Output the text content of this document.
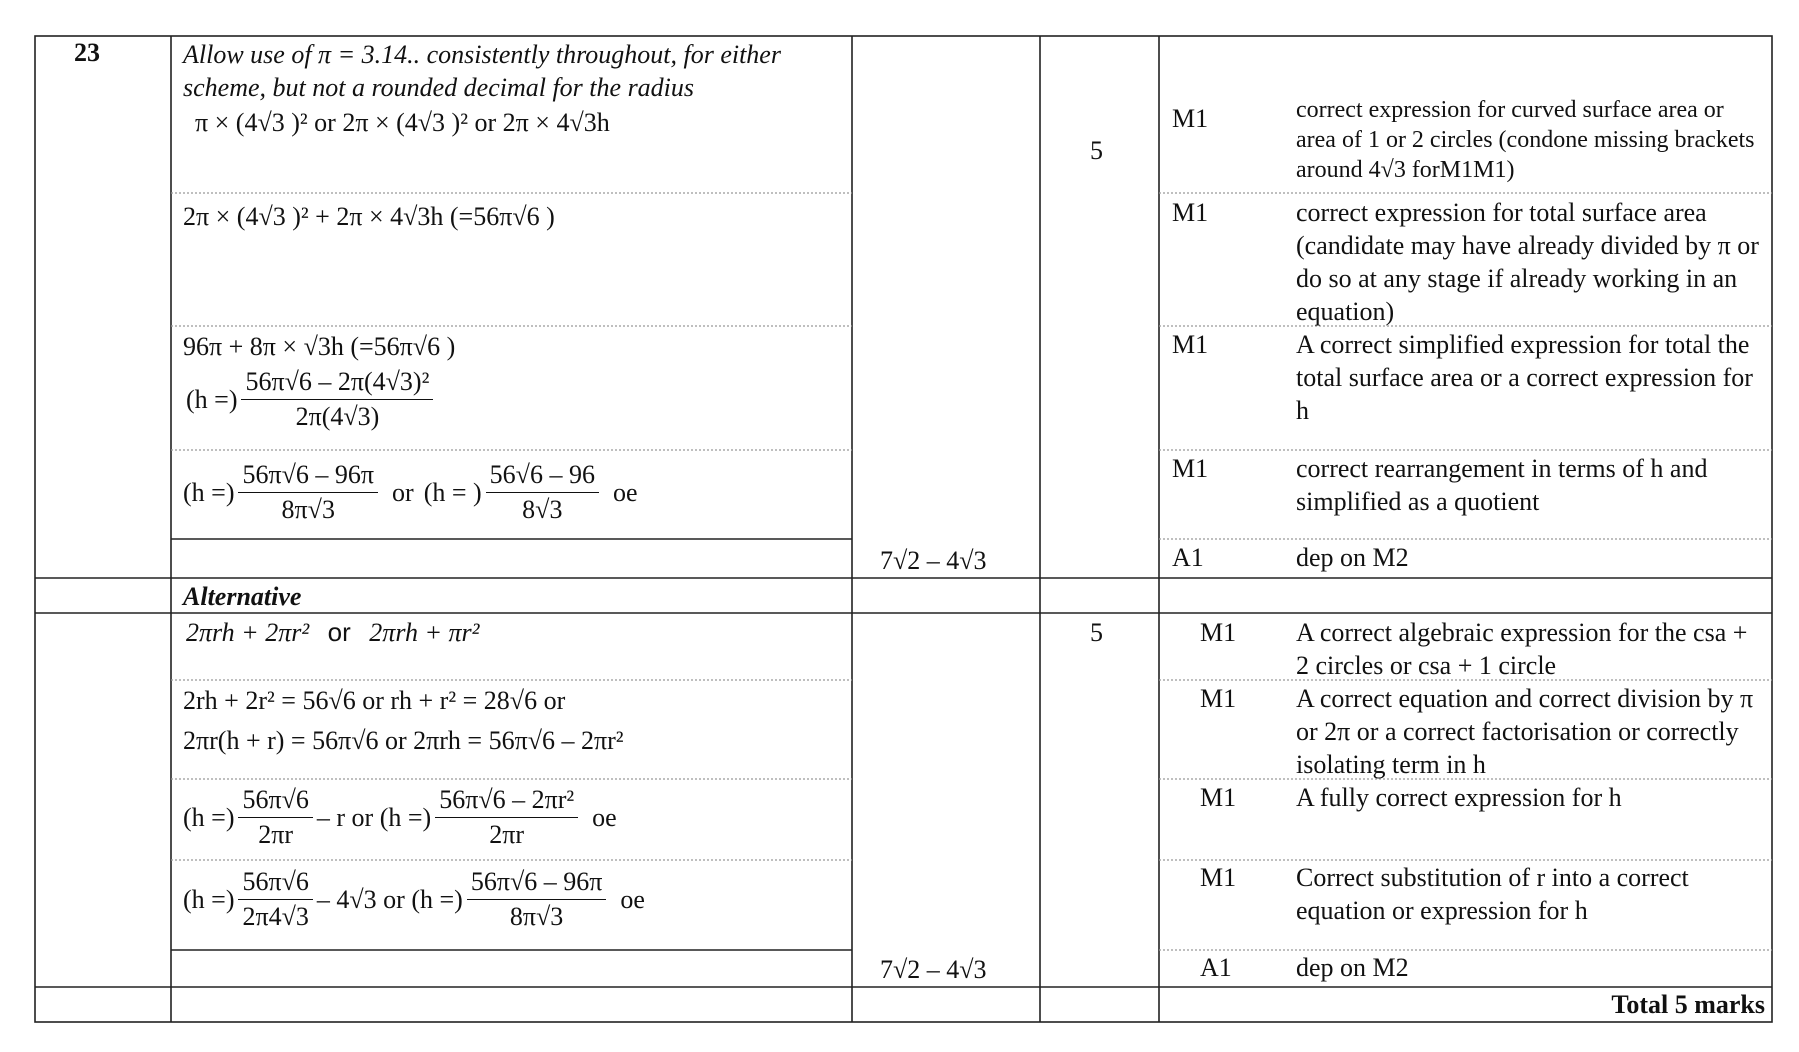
23	Allow use of π = 3.14.. consistently throughout, for either scheme, but not a rounded decimal for the radius
π × (4√3 )² or 2π × (4√3 )² or 2π × 4√3h
2π × (4√3 )² + 2π × 4√3h (=56π√6 )
96π + 8π × √3h (=56π√6 )
(h =) $\frac{\text{56π√6 – 2π(4√3)²}}{2\pi(4√3)}$
(h =) $\frac{56\pi√6 - 96\pi}{8\pi√3}$ or (h = ) $\frac{56√6 - 96}{8√3}$ oe
7√2 – 4√3
5
M1
M1
M1
M1
A1
correct expression for curved surface area or area of 1 or 2 circles (condone missing brackets around 4√3 forM1M1)
correct expression for total surface area (candidate may have already divided by π or do so at any stage if already working in an equation)
A correct simplified expression for total the total surface area or a correct expression for h
correct rearrangement in terms of h and simplified as a quotient
dep on M2
Alternative
2πrh + 2πr² or 2πrh + πr²
2rh + 2r² = 56√6 or rh + r² = 28√6 or
2πr(h + r) = 56π√6 or 2πrh = 56π√6 – 2πr²
(h =) $\frac{56\pi√6}{2\pi r}$ – r or (h =) $\frac{\text{56π√6 – 2πr²}}{2\pi r}$ oe
(h =) $\frac{56\pi√6}{2\pi 4√3} - 4√3$ or (h =) $\frac{56\pi√6 - 96\pi}{8\pi√3}$ oe
7√2 – 4√3
5	M1
M1
M1
M1
A1
A correct algebraic expression for the csa + 2 circles or csa + 1 circle
A correct equation and correct division by π or 2π or a correct factorisation or correctly isolating term in h
A fully correct expression for h
Correct substitution of r into a correct equation or expression for h
dep on M2
Total 5 marks
